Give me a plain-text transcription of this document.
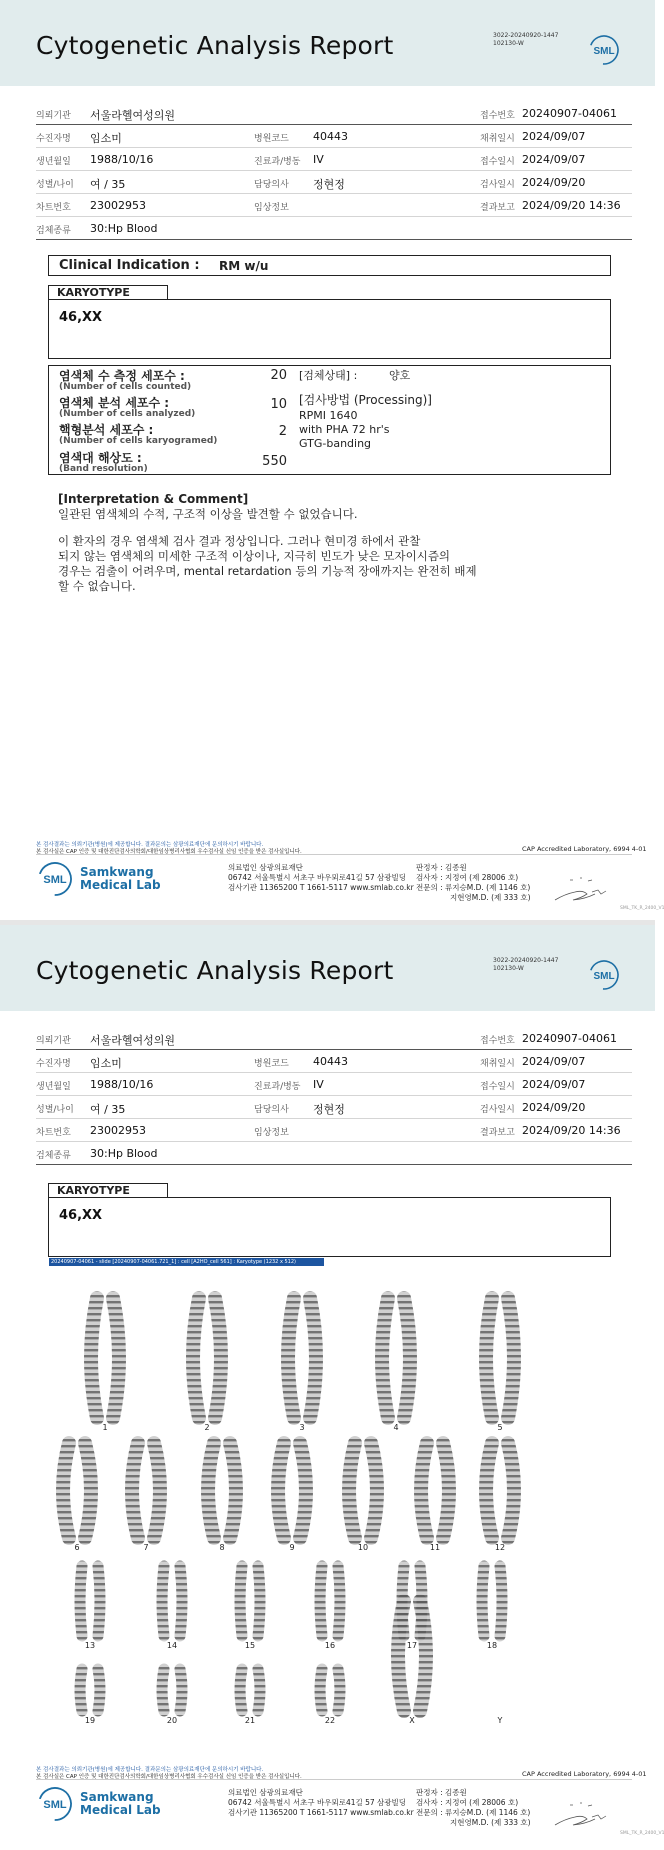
Cytogenetic Analysis Report	3022-20240920-1447
102130-W
SML
의뢰기관 서울라헬여성의원	접수번호 20240907-04061
수진자명 임소미	병원코드 40443	채취일시 2024/09/07
생년월일 1988/10/16	진료과/병동 IV	접수일시 2024/09/07
성별/나이 여 / 35	담당의사 정현정	검사일시 2024/09/20
차트번호 23002953	임상정보	결과보고 2024/09/20 14:36
검체종류 30:Hp Blood
Clinical Indication : RM w/u
KARYOTYPE
46,XX
염색체 수 측정 세포수 :
(Number of cells counted)
20
염색체 분석 세포수 :
(Number of cells analyzed)
10
핵형분석 세포수 :
(Number of cells karyogramed)
2
염색대 해상도 :
(Band resolution)	550
[검체상태] :	양호
[검사방법 (Processing)]
RPMI 1640
with PHA 72 hr's
GTG-banding
[Interpretation & Comment]
일관된 염색체의 수적, 구조적 이상을 발견할 수 없었습니다.
이 환자의 경우 염색체 검사 결과 정상입니다. 그러나 현미경 하에서 관찰
되지 않는 염색체의 미세한 구조적 이상이나, 지극히 빈도가 낮은 모자이시즘의
경우는 검출이 어려우며, mental retardation 등의 기능적 장애까지는 완전히 배제
할 수 없습니다.
본 검사결과는 의뢰기관(병원)에 제공합니다. 결과문의는 삼광의료재단에 문의하시기 바랍니다.
본 검사실은 CAP 인증 및 대한진단검사의학회/대한임상병리사협회 우수검사실 신임 인증을 받은 검사실입니다.	CAP Accredited Laboratory, 6994 4-01
SML
Samkwang
Medical Lab
의료법인 삼광의료재단
06742 서울특별시 서초구 바우뫼로41길 57 삼광빌딩
검사기관 11365200 T 1661-5117 www.smlab.co.kr
판정자 : 김종원
검사자 : 지정여 (제 28006 호)
전문의 : 류지승M.D. (제 1146 호)
지현영M.D. (제 333 호)
SML_TK_R_2400_V1
Cytogenetic Analysis Report	3022-20240920-1447
102130-W
SML
의뢰기관 서울라헬여성의원	접수번호 20240907-04061
수진자명 임소미	병원코드 40443	채취일시 2024/09/07
생년월일 1988/10/16	진료과/병동 IV	접수일시 2024/09/07
성별/나이 여 / 35	담당의사 정현정	검사일시 2024/09/20
차트번호 23002953	임상정보	결과보고 2024/09/20 14:36
검체종류 30:Hp Blood
KARYOTYPE
46,XX
본 검사결과는 의뢰기관(병원)에 제공합니다. 결과문의는 삼광의료재단에 문의하시기 바랍니다.
본 검사실은 CAP 인증 및 대한진단검사의학회/대한임상병리사협회 우수검사실 신임 인증을 받은 검사실입니다.	CAP Accredited Laboratory, 6994 4-01
SML
Samkwang
Medical Lab
의료법인 삼광의료재단
06742 서울특별시 서초구 바우뫼로41길 57 삼광빌딩
검사기관 11365200 T 1661-5117 www.smlab.co.kr
판정자 : 김종원
검사자 : 지정여 (제 28006 호)
전문의 : 류지승M.D. (제 1146 호)
지현영M.D. (제 333 호)
SML_TK_R_2400_V1
20240907-04061 - slide [20240907-04061.721_1] : cell [A2HO_cell 561] : Karyotype (1232 x 512)
1	2	3	4	5
6	7	8	9	10	11	12
13	14	15	16	17	18
19	20	21	22	X	Y
